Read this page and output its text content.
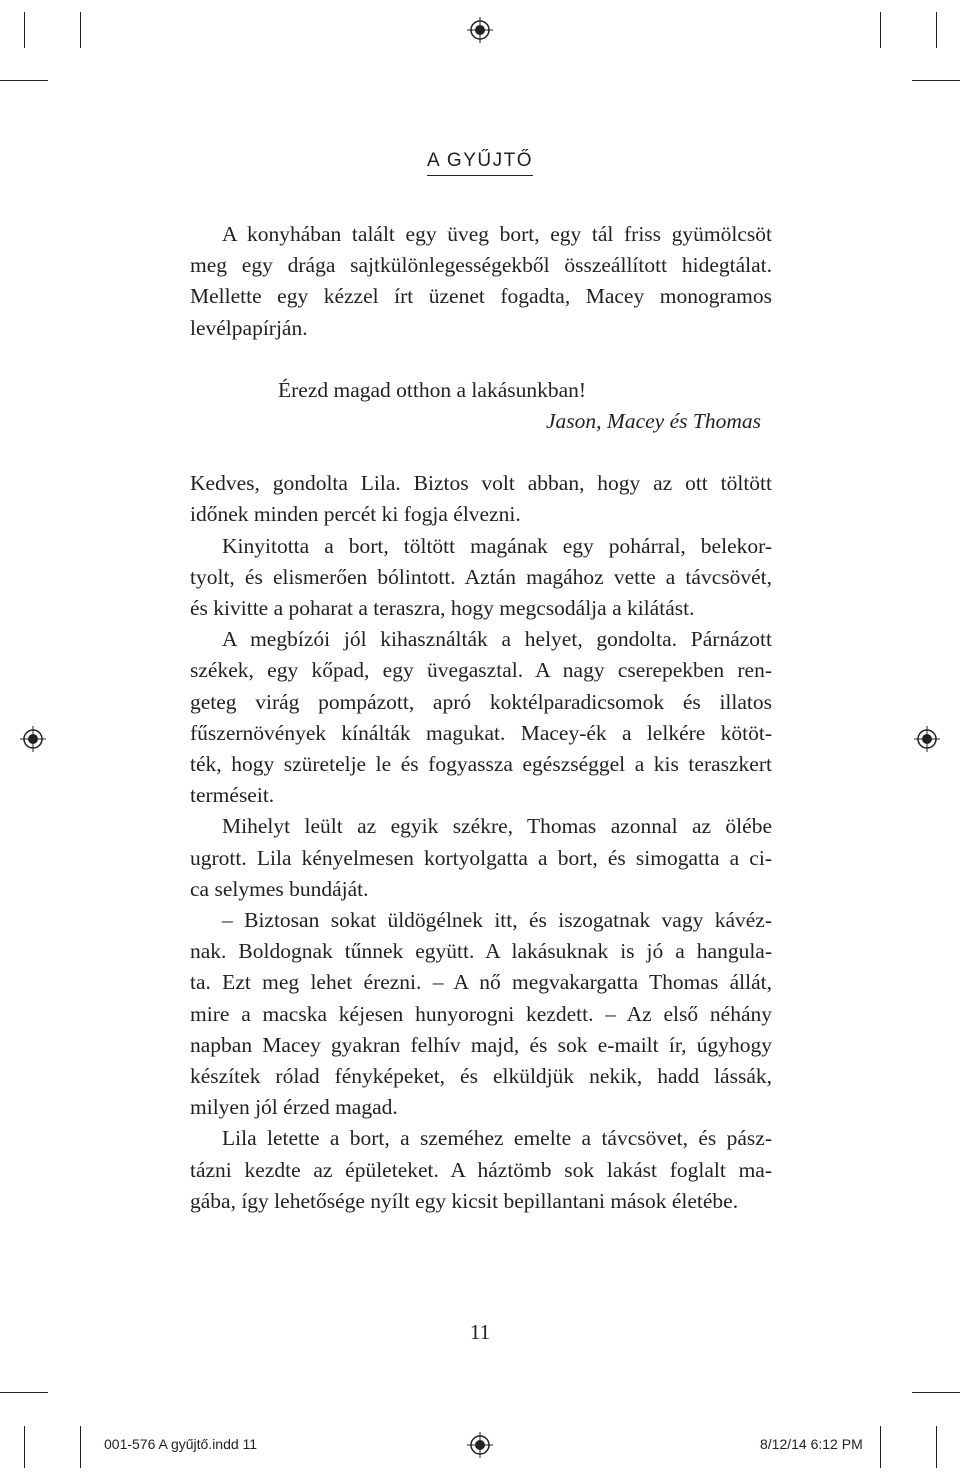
A GYŰJTŐ

A konyhában talált egy üveg bort, egy tál friss gyümölcsöt

meg egy drága sajtkülönlegességekből összeállított hidegtálat.

Mellette egy kézzel írt üzenet fogadta, Macey monogramos

levélpapírján.

Érezd magad otthon a lakásunkban!

Jason, Macey és Thomas

Kedves, gondolta Lila. Biztos volt abban, hogy az ott töltött

időnek minden percét ki fogja élvezni.

Kinyitotta a bort, töltött magának egy pohárral, belekor-

tyolt, és elismerően bólintott. Aztán magához vette a távcsövét,

és kivitte a poharat a teraszra, hogy megcsodálja a kilátást.

A megbízói jól kihasználták a helyet, gondolta. Párnázott

székek, egy kőpad, egy üvegasztal. A nagy cserepekben ren-

geteg virág pompázott, apró koktélparadicsomok és illatos

fűszernövények kínálták magukat. Macey-ék a lelkére kötöt-

ték, hogy szüretelje le és fogyassza egészséggel a kis teraszkert

terméseit.

Mihelyt leült az egyik székre, Thomas azonnal az ölébe

ugrott. Lila kényelmesen kortyolgatta a bort, és simogatta a ci-

ca selymes bundáját.

– Biztosan sokat üldögélnek itt, és iszogatnak vagy kávéz-

nak. Boldognak tűnnek együtt. A lakásuknak is jó a hangula-

ta. Ezt meg lehet érezni. – A nő megvakargatta Thomas állát,

mire a macska kéjesen hunyorogni kezdett. – Az első néhány

napban Macey gyakran felhív majd, és sok e-mailt ír, úgyhogy

készítek rólad fényképeket, és elküldjük nekik, hadd lássák,

milyen jól érzed magad.

Lila letette a bort, a szeméhez emelte a távcsövet, és pász-

tázni kezdte az épületeket. A háztömb sok lakást foglalt ma-

gába, így lehetősége nyílt egy kicsit bepillantani mások életébe.

11
001-576 A gyűjtő.indd 11	8/12/14 6:12 PM
